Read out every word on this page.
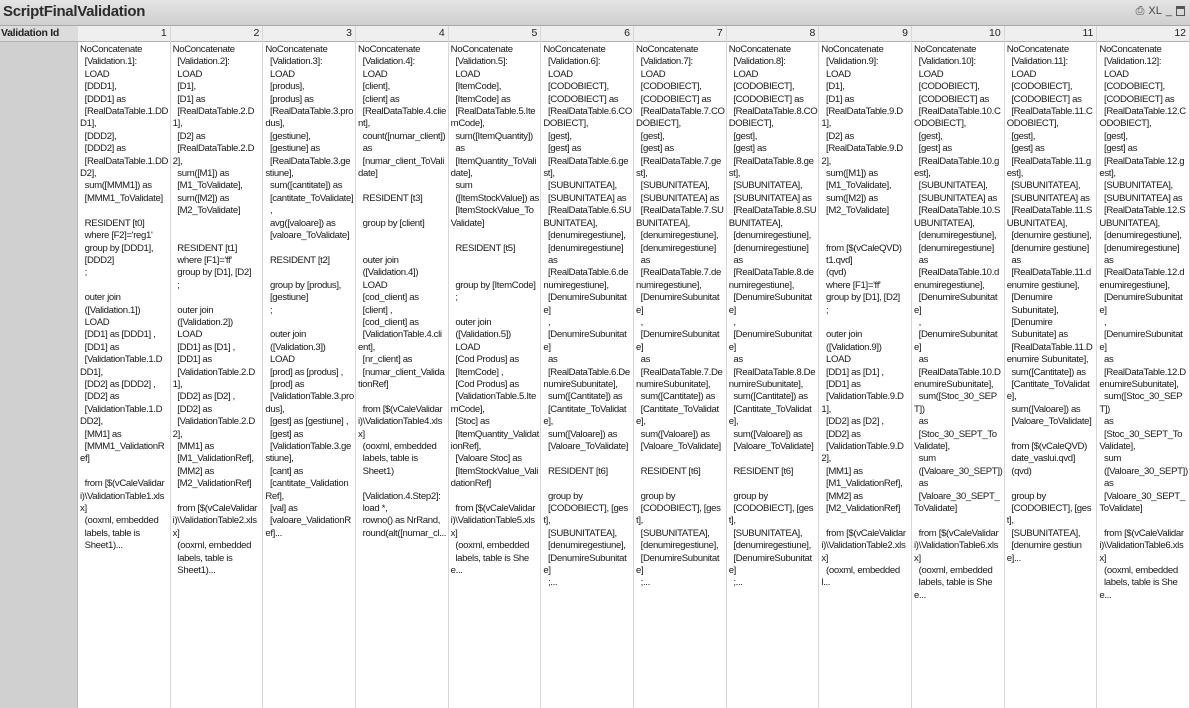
ScriptFinalValidation	⎙ XL _
Validation Id	1
NoConcatenate
[Validation.1]:
LOAD
[DDD1],
[DDD1] as
[RealDataTable.1.DDD1],
[DDD2],
[DDD2] as
[RealDataTable.1.DDD2],
sum([MMM1]) as
[MMM1_ToValidate]

RESIDENT [t0]
where [F2]='reg1'
group by [DDD1],
[DDD2]
;

outer join
([Validation.1])
LOAD
[DD1] as [DDD1] ,
[DD1] as
[ValidationTable.1.DDD1],
[DD2] as [DDD2] ,
[DD2] as
[ValidationTable.1.DDD2],
[MM1] as
[MMM1_ValidationRef]

from [$(vCaleValidari)\ValidationTable1.xlsx]
(ooxml, embedded
labels, table is
Sheet1)...
2
NoConcatenate
[Validation.2]:
LOAD
[D1],
[D1] as
[RealDataTable.2.D1],
[D2] as
[RealDataTable.2.D2],
sum([M1]) as
[M1_ToValidate],
sum([M2]) as
[M2_ToValidate]

RESIDENT [t1]
where [F1]='ff'
group by [D1], [D2]
;

outer join
([Validation.2])
LOAD
[DD1] as [D1] ,
[DD1] as
[ValidationTable.2.D1],
[DD2] as [D2] ,
[DD2] as
[ValidationTable.2.D2],
[MM1] as
[M1_ValidationRef],
[MM2] as
[M2_ValidationRef]

from [$(vCaleValidari)\ValidationTable2.xlsx]
(ooxml, embedded
labels, table is
Sheet1)...
3
NoConcatenate
[Validation.3]:
LOAD
[produs],
[produs] as
[RealDataTable.3.produs],
[gestiune],
[gestiune] as
[RealDataTable.3.gestiune],
sum([cantitate]) as
[cantitate_ToValidate]
,
avg([valoare]) as
[valoare_ToValidate]

RESIDENT [t2]

group by [produs],
[gestiune]
;

outer join
([Validation.3])
LOAD
[prod] as [produs] ,
[prod] as
[ValidationTable.3.produs],
[gest] as [gestiune] ,
[gest] as
[ValidationTable.3.gestiune],
[cant] as
[cantitate_ValidationRef],
[val] as
[valoare_ValidationRef]...
4
NoConcatenate
[Validation.4]:
LOAD
[client],
[client] as
[RealDataTable.4.client],
count([numar_client])
as
[numar_client_ToValidate]

RESIDENT [t3]

group by [client]

outer join
([Validation.4])
LOAD
[cod_client] as
[client] ,
[cod_client] as
[ValidationTable.4.client],
[nr_client] as
[numar_client_ValidationRef]

from [$(vCaleValidari)\ValidationTable4.xlsx]
(ooxml, embedded
labels, table is
Sheet1)

[Validation.4.Step2]:
load *,
rowno() as NrRand,
round(alt([numar_cl...
5
NoConcatenate
[Validation.5]:
LOAD
[ItemCode],
[ItemCode] as
[RealDataTable.5.ItemCode],
sum([ItemQuantity])
as
[ItemQuantity_ToValidate],
sum
([ItemStockValue]) as
[ItemStockValue_ToValidate]

RESIDENT [t5]

group by [ItemCode]
;

outer join
([Validation.5])
LOAD
[Cod Produs] as
[ItemCode] ,
[Cod Produs] as
[ValidationTable.5.ItemCode],
[Stoc] as
[ItemQuantity_ValidationRef],
[Valoare Stoc] as
[ItemStockValue_ValidationRef]

from [$(vCaleValidari)\ValidationTable5.xlsx]
(ooxml, embedded
labels, table is Shee...
6
NoConcatenate
[Validation.6]:
LOAD
[CODOBIECT],
[CODOBIECT] as
[RealDataTable.6.CODOBIECT],
[gest],
[gest] as
[RealDataTable.6.gest],
[SUBUNITATEA],
[SUBUNITATEA] as
[RealDataTable.6.SUBUNITATEA],
[denumiregestiune],
[denumiregestiune]
as
[RealDataTable.6.denumiregestiune],
[DenumireSubunitate]
,
[DenumireSubunitate]
as
[RealDataTable.6.DenumireSubunitate],
sum([Cantitate]) as
[Cantitate_ToValidate],
sum([Valoare]) as
[Valoare_ToValidate]

RESIDENT [t6]

group by
[CODOBIECT], [gest],
[SUBUNITATEA],
[denumiregestiune],
[DenumireSubunitate]
;...
7
NoConcatenate
[Validation.7]:
LOAD
[CODOBIECT],
[CODOBIECT] as
[RealDataTable.7.CODOBIECT],
[gest],
[gest] as
[RealDataTable.7.gest],
[SUBUNITATEA],
[SUBUNITATEA] as
[RealDataTable.7.SUBUNITATEA],
[denumiregestiune],
[denumiregestiune]
as
[RealDataTable.7.denumiregestiune],
[DenumireSubunitate]
,
[DenumireSubunitate]
as
[RealDataTable.7.DenumireSubunitate],
sum([Cantitate]) as
[Cantitate_ToValidate],
sum([Valoare]) as
[Valoare_ToValidate]

RESIDENT [t6]

group by
[CODOBIECT], [gest],
[SUBUNITATEA],
[denumiregestiune],
[DenumireSubunitate]
;...
8
NoConcatenate
[Validation.8]:
LOAD
[CODOBIECT],
[CODOBIECT] as
[RealDataTable.8.CODOBIECT],
[gest],
[gest] as
[RealDataTable.8.gest],
[SUBUNITATEA],
[SUBUNITATEA] as
[RealDataTable.8.SUBUNITATEA],
[denumiregestiune],
[denumiregestiune]
as
[RealDataTable.8.denumiregestiune],
[DenumireSubunitate]
,
[DenumireSubunitate]
as
[RealDataTable.8.DenumireSubunitate],
sum([Cantitate]) as
[Cantitate_ToValidate],
sum([Valoare]) as
[Valoare_ToValidate]

RESIDENT [t6]

group by
[CODOBIECT], [gest],
[SUBUNITATEA],
[denumiregestiune],
[DenumireSubunitate]
;...
9
NoConcatenate
[Validation.9]:
LOAD
[D1],
[D1] as
[RealDataTable.9.D1],
[D2] as
[RealDataTable.9.D2],
sum([M1]) as
[M1_ToValidate],
sum([M2]) as
[M2_ToValidate]

from [$(vCaleQVD)
t1.qvd]
(qvd)
where [F1]='ff'
group by [D1], [D2]
;

outer join
([Validation.9])
LOAD
[DD1] as [D1] ,
[DD1] as
[ValidationTable.9.D1],
[DD2] as [D2] ,
[DD2] as
[ValidationTable.9.D2],
[MM1] as
[M1_ValidationRef],
[MM2] as
[M2_ValidationRef]

from [$(vCaleValidari)\ValidationTable2.xlsx]
(ooxml, embedded l...
10
NoConcatenate
[Validation.10]:
LOAD
[CODOBIECT],
[CODOBIECT] as
[RealDataTable.10.CODOBIECT],
[gest],
[gest] as
[RealDataTable.10.gest],
[SUBUNITATEA],
[SUBUNITATEA] as
[RealDataTable.10.SUBUNITATEA],
[denumiregestiune],
[denumiregestiune]
as
[RealDataTable.10.denumiregestiune],
[DenumireSubunitate]
,
[DenumireSubunitate]
as
[RealDataTable.10.DenumireSubunitate],
sum([Stoc_30_SEPT])
as
[Stoc_30_SEPT_ToValidate],
sum
([Valoare_30_SEPT])
as
[Valoare_30_SEPT_ToValidate]

from [$(vCaleValidari)\ValidationTable6.xlsx]
(ooxml, embedded
labels, table is Shee...
11
NoConcatenate
[Validation.11]:
LOAD
[CODOBIECT],
[CODOBIECT] as
[RealDataTable.11.CODOBIECT],
[gest],
[gest] as
[RealDataTable.11.gest],
[SUBUNITATEA],
[SUBUNITATEA] as
[RealDataTable.11.SUBUNITATEA],
[denumire gestiune],
[denumire gestiune]
as
[RealDataTable.11.denumire gestiune],
[Denumire
Subunitate],
[Denumire
Subunitate] as
[RealDataTable.11.Denumire Subunitate],
sum([Cantitate]) as
[Cantitate_ToValidate],
sum([Valoare]) as
[Valoare_ToValidate]

from [$(vCaleQVD)
date_vaslui.qvd]
(qvd)

group by
[CODOBIECT], [gest],
[SUBUNITATEA],
[denumire gestiune]...
12
NoConcatenate
[Validation.12]:
LOAD
[CODOBIECT],
[CODOBIECT] as
[RealDataTable.12.CODOBIECT],
[gest],
[gest] as
[RealDataTable.12.gest],
[SUBUNITATEA],
[SUBUNITATEA] as
[RealDataTable.12.SUBUNITATEA],
[denumiregestiune],
[denumiregestiune]
as
[RealDataTable.12.denumiregestiune],
[DenumireSubunitate]
,
[DenumireSubunitate]
as
[RealDataTable.12.DenumireSubunitate],
sum([Stoc_30_SEPT])
as
[Stoc_30_SEPT_ToValidate],
sum
([Valoare_30_SEPT])
as
[Valoare_30_SEPT_ToValidate]

from [$(vCaleValidari)\ValidationTable6.xlsx]
(ooxml, embedded
labels, table is Shee...
